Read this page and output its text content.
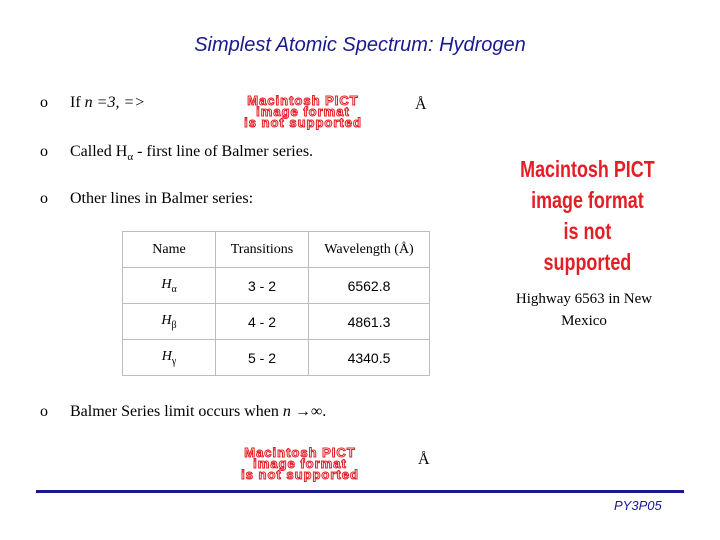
Simplest Atomic Spectrum: Hydrogen
o If n =3, =>	Macintosh PICT
image format
is not supported
Å
o Called $H_\alpha$ - first line of Balmer series.
o Other lines in Balmer series:
Macintosh PICT
image format
is not supported
Name	Transitions	Wavelength (Å)
$H_\alpha$	3 - 2	6562.8
$H_\beta$	4 - 2	4861.3
$H_\gamma$	5 - 2	4340.5
Highway 6563 in New
Mexico
o Balmer Series limit occurs when n →∞.
Macintosh PICT
image format
is not supported
Å
PY3P05
